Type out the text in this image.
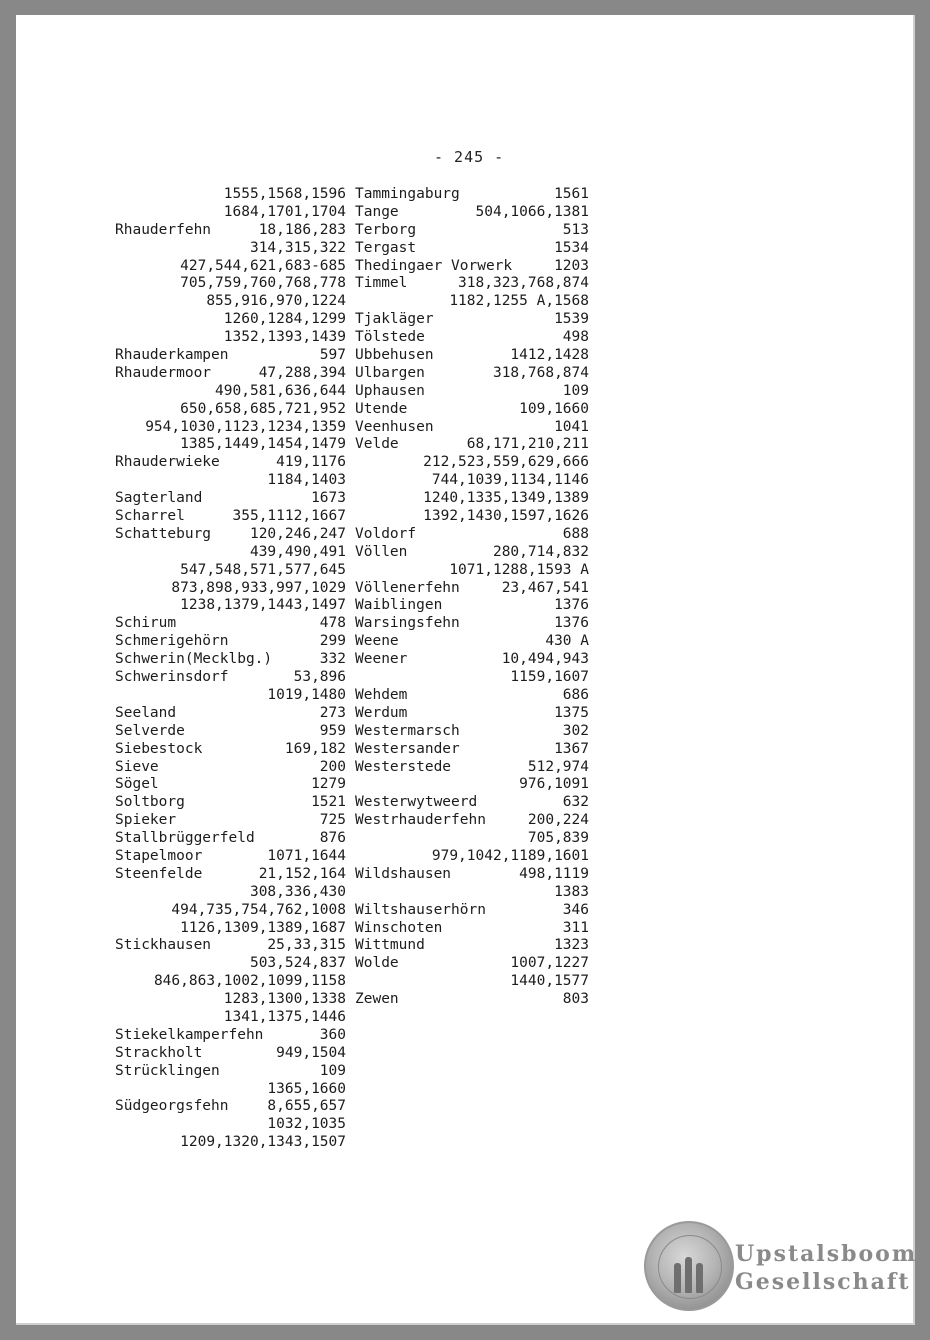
- 245 -
1555,1568,1596
1684,1701,1704
Rhauderfehn	18,186,283
314,315,322
427,544,621,683-685
705,759,760,768,778
855,916,970,1224
1260,1284,1299
1352,1393,1439
Rhauderkampen	597
Rhaudermoor	47,288,394
490,581,636,644
650,658,685,721,952
954,1030,1123,1234,1359
1385,1449,1454,1479
Rhauderwieke	419,1176
1184,1403
Sagterland	1673
Scharrel	355,1112,1667
Schatteburg	120,246,247
439,490,491
547,548,571,577,645
873,898,933,997,1029
1238,1379,1443,1497
Schirum	478
Schmerigehörn	299
Schwerin(Mecklbg.)	332
Schwerinsdorf	53,896
1019,1480
Seeland	273
Selverde	959
Siebestock	169,182
Sieve	200
Sögel	1279
Soltborg	1521
Spieker	725
Stallbrüggerfeld	876
Stapelmoor	1071,1644
Steenfelde	21,152,164
308,336,430
494,735,754,762,1008
1126,1309,1389,1687
Stickhausen	25,33,315
503,524,837
846,863,1002,1099,1158
1283,1300,1338
1341,1375,1446
Stiekelkamperfehn	360
Strackholt	949,1504
Strücklingen	109
1365,1660
Südgeorgsfehn	8,655,657
1032,1035
1209,1320,1343,1507
Tammingaburg	1561
Tange	504,1066,1381
Terborg	513
Tergast	1534
Thedingaer Vorwerk	1203
Timmel	318,323,768,874
1182,1255 A,1568
Tjakläger	1539
Tölstede	498
Ubbehusen	1412,1428
Ulbargen	318,768,874
Uphausen	109
Utende	109,1660
Veenhusen	1041
Velde	68,171,210,211
212,523,559,629,666
744,1039,1134,1146
1240,1335,1349,1389
1392,1430,1597,1626
Voldorf	688
Völlen	280,714,832
1071,1288,1593 A
Völlenerfehn	23,467,541
Waiblingen	1376
Warsingsfehn	1376
Weene	430 A
Weener	10,494,943
1159,1607
Wehdem	686
Werdum	1375
Westermarsch	302
Westersander	1367
Westerstede	512,974
976,1091
Westerwytweerd	632
Westrhauderfehn	200,224
705,839
979,1042,1189,1601
Wildshausen	498,1119
1383
Wiltshauserhörn	346
Winschoten	311
Wittmund	1323
Wolde	1007,1227
1440,1577
Zewen	803
Upstalsboom
Gesellschaft
